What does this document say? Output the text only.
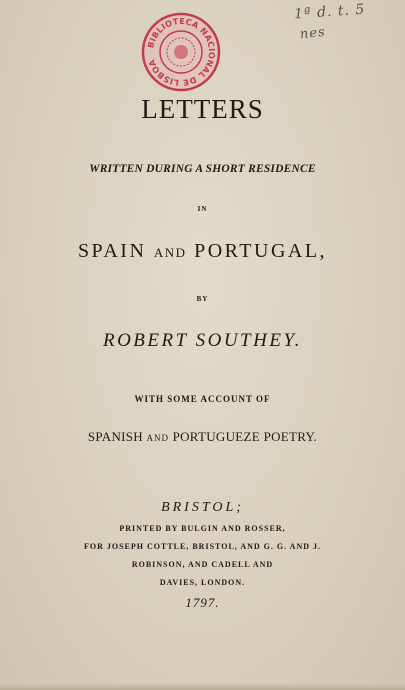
1ª d. t. 5
nes
BIBLIOTECA NACIONAL DE LISBOA
LETTERS
WRITTEN DURING A SHORT RESIDENCE
IN
SPAIN AND PORTUGAL,
BY
ROBERT SOUTHEY.
WITH SOME ACCOUNT OF
SPANISH AND PORTUGUEZE POETRY.
BRISTOL;
PRINTED BY BULGIN AND ROSSER,
FOR JOSEPH COTTLE, BRISTOL, AND G. G. AND J.
ROBINSON, AND CADELL AND
DAVIES, LONDON.
1797.
